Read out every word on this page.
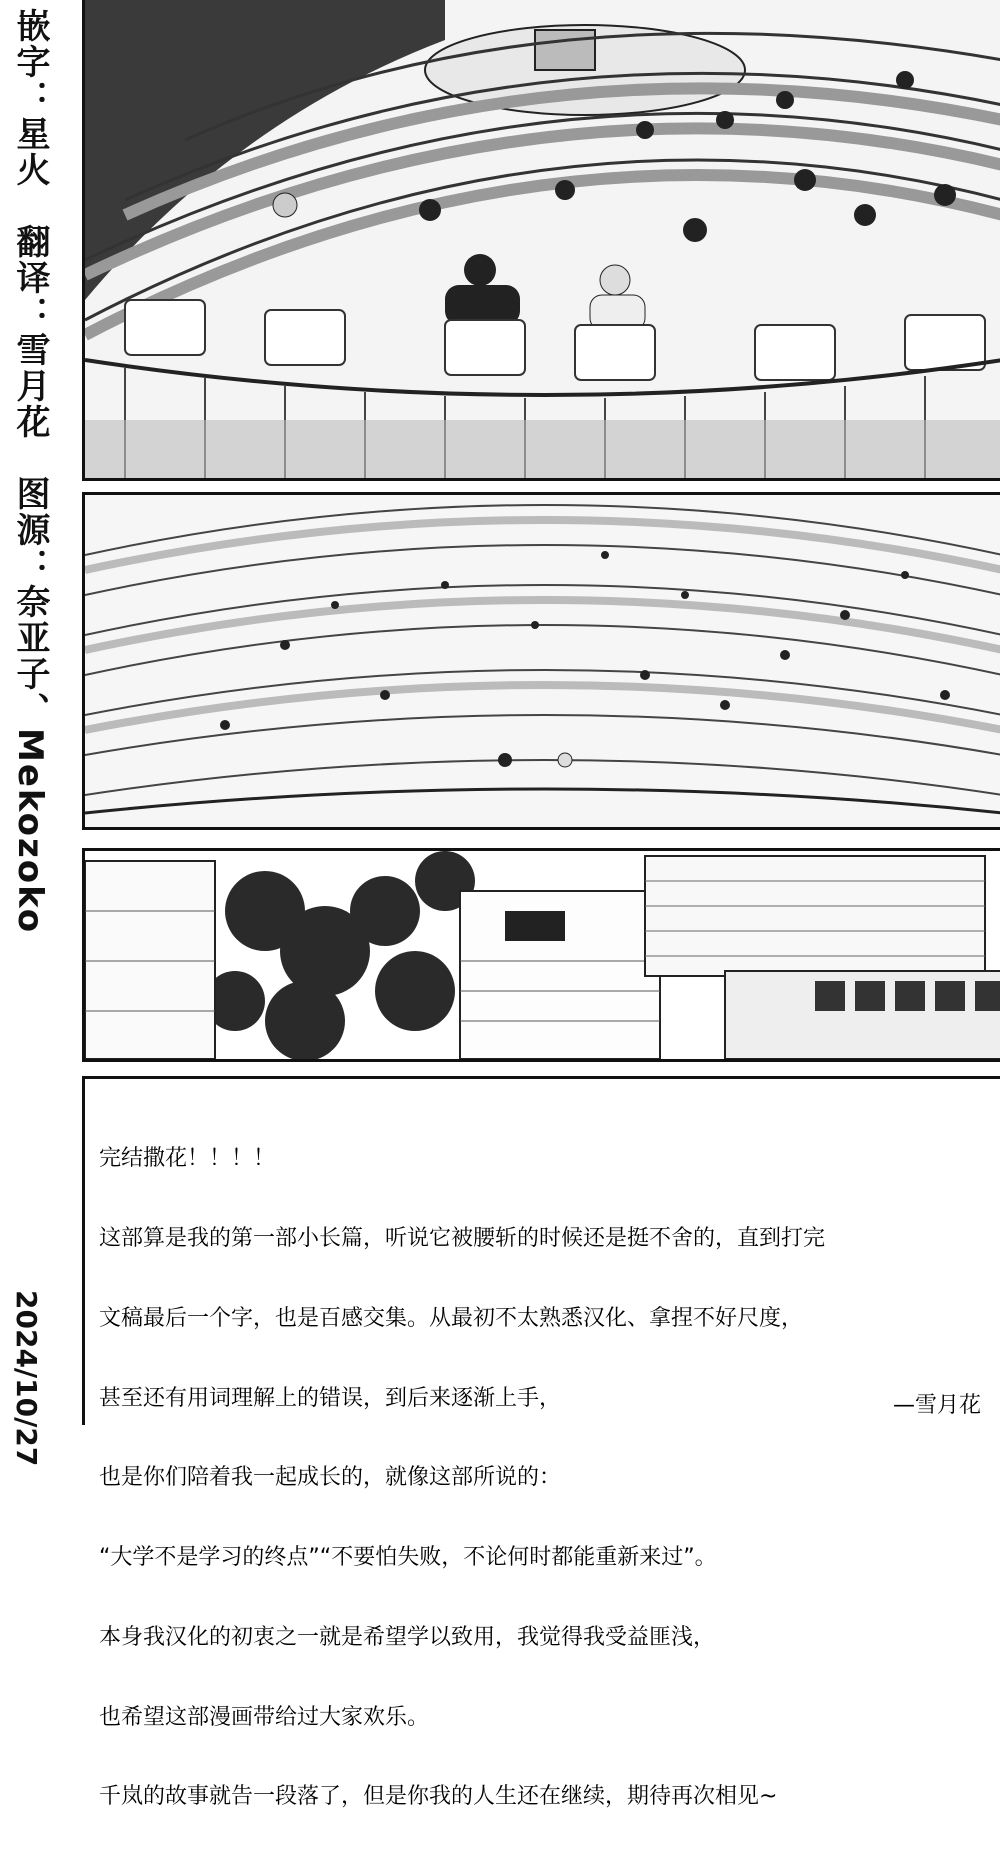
嵌字：星火　翻译：雪月花　图源：奈亚子、Mekozoko
2024/10/27

完结撒花！！！！

这部算是我的第一部小长篇，听说它被腰斩的时候还是挺不舍的，直到打完

文稿最后一个字，也是百感交集。从最初不太熟悉汉化、拿捏不好尺度，

甚至还有用词理解上的错误，到后来逐渐上手，

也是你们陪着我一起成长的，就像这部所说的：

“大学不是学习的终点”“不要怕失败，不论何时都能重新来过”。

本身我汉化的初衷之一就是希望学以致用，我觉得我受益匪浅，

也希望这部漫画带给过大家欢乐。

千岚的故事就告一段落了，但是你我的人生还在继续，期待再次相见~

—雪月花
